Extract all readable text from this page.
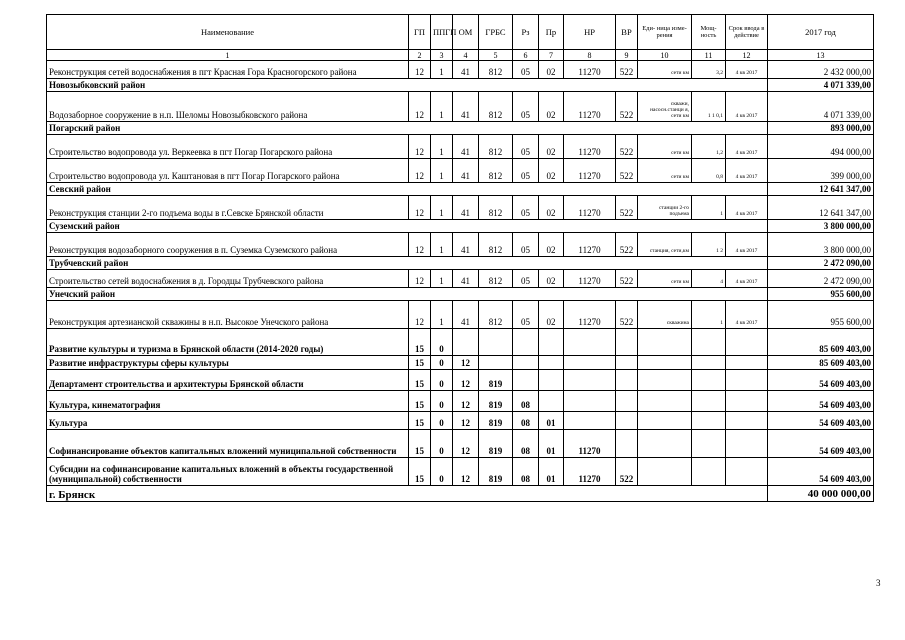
Наименование	ГП	ППГП	ОМ	ГРБС	Рз	Пр	НР	ВР	Еди- ница изме- рения	Мощ- ность	Срок ввода в действие	2017 год
1	2	3	4	5	6	7	8	9	10	11	12	13
Реконструкция сетей водоснабжения в пгт Красная Гора Красногорского района	12	1	41	812	05	02	11270	522	сети км	3,2	4 кв 2017	2 432 000,00
Новозыбковский район												4 071 339,00
Водозаборное сооружение в н.п. Шеломы Новозыбковского района	12	1	41	812	05	02	11270	522	скважи, насосн.станци я, сети км	1 1 0,1	4 кв 2017	4 071 339,00
Погарский район												893 000,00
Строительство водопровода ул. Веркеевка в пгт Погар Погарского района	12	1	41	812	05	02	11270	522	сети км	1,2	4 кв 2017	494 000,00
Строительство водопровода ул. Каштановая в пгт Погар Погарского района	12	1	41	812	05	02	11270	522	сети км	0,8	4 кв 2017	399 000,00
Севский район												12 641 347,00
Реконструкция станции 2-го подъема воды в г.Севске Брянской области	12	1	41	812	05	02	11270	522	станции 2-го подъема	1	4 кв 2017	12 641 347,00
Суземский район												3 800 000,00
Реконструкция водозаборного сооружения в п. Суземка Суземского района	12	1	41	812	05	02	11270	522	станция, сети,км	1 2	4 кв 2017	3 800 000,00
Трубчевский район												2 472 090,00
Строительство сетей водоснабжения в д. Городцы Трубчевского района	12	1	41	812	05	02	11270	522	сети км	4	4 кв 2017	2 472 090,00
Унечский район												955 600,00
Реконструкция артезианской скважины в н.п. Высокое Унечского района	12	1	41	812	05	02	11270	522	скважина	1	4 кв 2017	955 600,00
Развитие культуры и туризма в Брянской области (2014-2020 годы)	15	0										85 609 403,00
Развитие инфраструктуры сферы культуры	15	0	12									85 609 403,00
Департамент строительства и архитектуры Брянской области	15	0	12	819								54 609 403,00
Культура, кинематография	15	0	12	819	08							54 609 403,00
Культура	15	0	12	819	08	01						54 609 403,00
Софинансирование объектов капитальных вложений муниципальной собственности	15	0	12	819	08	01	11270					54 609 403,00
Субсидии на софинансирование капитальных вложений в объекты государственной (муниципальной) собственности	15	0	12	819	08	01	11270	522				54 609 403,00
г. Брянск												40 000 000,00
3
